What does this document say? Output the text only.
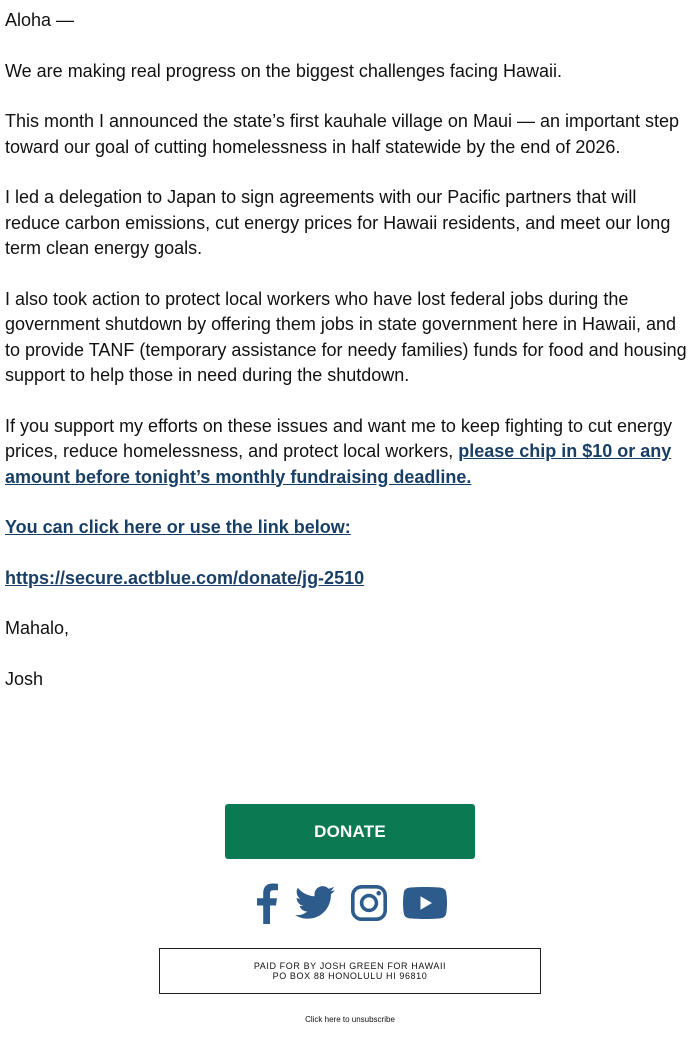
Aloha —

We are making real progress on the biggest challenges facing Hawaii.

This month I announced the state’s first kauhale village on Maui — an important step toward our goal of cutting homelessness in half statewide by the end of 2026.

I led a delegation to Japan to sign agreements with our Pacific partners that will reduce carbon emissions, cut energy prices for Hawaii residents, and meet our long term clean energy goals.

I also took action to protect local workers who have lost federal jobs during the government shutdown by offering them jobs in state government here in Hawaii, and to provide TANF (temporary assistance for needy families) funds for food and housing support to help those in need during the shutdown.

If you support my efforts on these issues and want me to keep fighting to cut energy prices, reduce homelessness, and protect local workers, please chip in $10 or any amount before tonight’s monthly fundraising deadline.

You can click here or use the link below:

https://secure.actblue.com/donate/jg-2510

Mahalo,

Josh

DONATE
PAID FOR BY JOSH GREEN FOR HAWAII
PO BOX 88 HONOLULU HI 96810
Click here to unsubscribe
